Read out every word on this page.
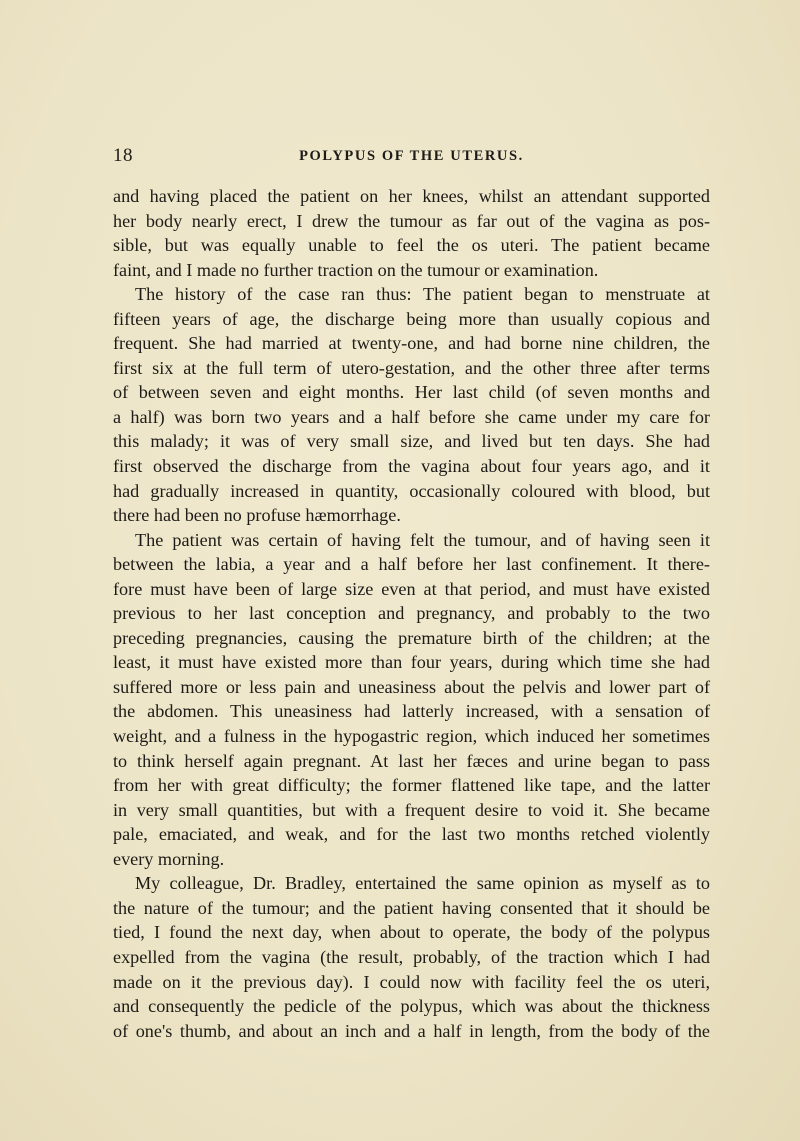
18	POLYPUS OF THE UTERUS.
and having placed the patient on her knees, whilst an attendant supported
her body nearly erect, I drew the tumour as far out of the vagina as pos-
sible, but was equally unable to feel the os uteri. The patient became
faint, and I made no further traction on the tumour or examination.
The history of the case ran thus: The patient began to menstruate at
fifteen years of age, the discharge being more than usually copious and
frequent. She had married at twenty-one, and had borne nine children, the
first six at the full term of utero-gestation, and the other three after terms
of between seven and eight months. Her last child (of seven months and
a half) was born two years and a half before she came under my care for
this malady; it was of very small size, and lived but ten days. She had
first observed the discharge from the vagina about four years ago, and it
had gradually increased in quantity, occasionally coloured with blood, but
there had been no profuse hæmorrhage.
The patient was certain of having felt the tumour, and of having seen it
between the labia, a year and a half before her last confinement. It there-
fore must have been of large size even at that period, and must have existed
previous to her last conception and pregnancy, and probably to the two
preceding pregnancies, causing the premature birth of the children; at the
least, it must have existed more than four years, during which time she had
suffered more or less pain and uneasiness about the pelvis and lower part of
the abdomen. This uneasiness had latterly increased, with a sensation of
weight, and a fulness in the hypogastric region, which induced her sometimes
to think herself again pregnant. At last her fæces and urine began to pass
from her with great difficulty; the former flattened like tape, and the latter
in very small quantities, but with a frequent desire to void it. She became
pale, emaciated, and weak, and for the last two months retched violently
every morning.
My colleague, Dr. Bradley, entertained the same opinion as myself as to
the nature of the tumour; and the patient having consented that it should be
tied, I found the next day, when about to operate, the body of the polypus
expelled from the vagina (the result, probably, of the traction which I had
made on it the previous day). I could now with facility feel the os uteri,
and consequently the pedicle of the polypus, which was about the thickness
of one's thumb, and about an inch and a half in length, from the body of the
